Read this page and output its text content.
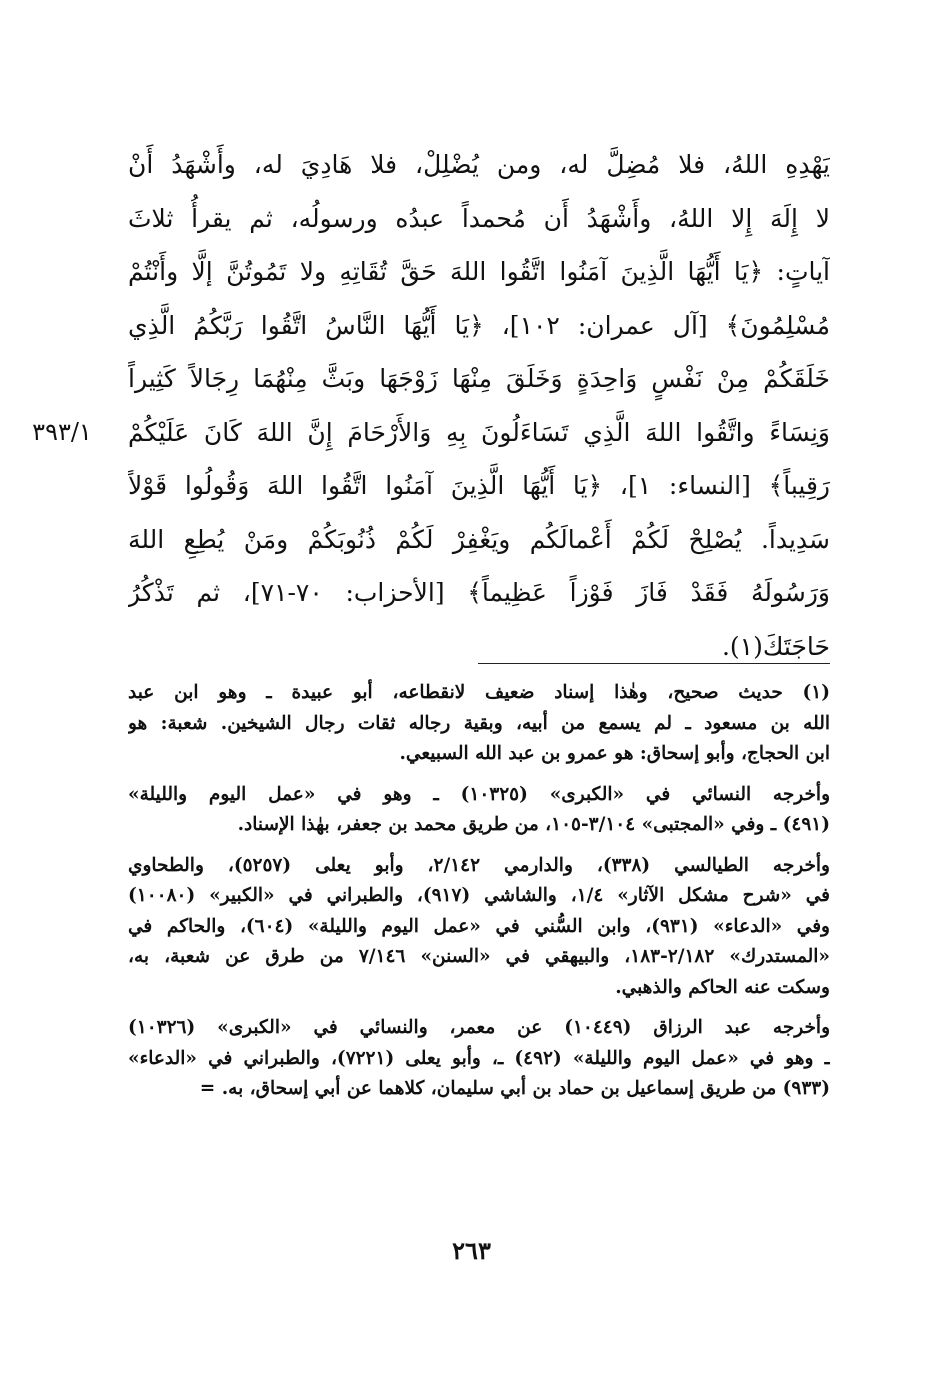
يَهْدِهِ اللهُ، فلا مُضِلَّ له، ومن يُضْلِلْ، فلا هَادِيَ له، وأَشْهَدُ أَنْ
لا إِلَهَ إِلا اللهُ، وأَشْهَدُ أَن مُحمداً عبدُه ورسولُه، ثم يقرأُ ثلاثَ
آياتٍ: ﴿يَا أَيُّهَا الَّذِينَ آمَنُوا اتَّقُوا اللهَ حَقَّ تُقَاتِهِ ولا تَمُوتُنَّ إلَّا وأَنْتُمْ
مُسْلِمُونَ﴾ [آل عمران: ١٠٢]، ﴿يَا أَيُّهَا النَّاسُ اتَّقُوا رَبَّكُمُ الَّذِي
خَلَقَكُمْ مِنْ نَفْسٍ وَاحِدَةٍ وَخَلَقَ مِنْهَا زَوْجَهَا وبَثَّ مِنْهُمَا رِجَالاً كَثِيراً
وَنِسَاءً واتَّقُوا اللهَ الَّذِي تَسَاءَلُونَ بِهِ وَالأَرْحَامَ إِنَّ اللهَ كَانَ عَلَيْكُمْ
رَقِيباً﴾ [النساء: ١]، ﴿يَا أَيُّهَا الَّذِينَ آمَنُوا اتَّقُوا اللهَ وَقُولُوا قَوْلاً
سَدِيداً. يُصْلِحْ لَكُمْ أَعْمالَكُم ويَغْفِرْ لَكُمْ ذُنُوبَكُمْ ومَنْ يُطِعِ اللهَ
وَرَسُولَهُ فَقَدْ فَازَ فَوْزاً عَظِيماً﴾ [الأحزاب: ٧٠-٧١]، ثم تَذْكُرُ
حَاجَتَكَ(١).
٣٩٣/١
(١) حديث صحيح، وهٰذا إسناد ضعيف لانقطاعه، أبو عبيدة ـ وهو ابن عبد
الله بن مسعود ـ لم يسمع من أبيه، وبقية رجاله ثقات رجال الشيخين. شعبة: هو
ابن الحجاج، وأبو إسحاق: هو عمرو بن عبد الله السبيعي.
وأخرجه النسائي في «الكبرى» (١٠٣٢٥) ـ وهو في «عمل اليوم والليلة»
(٤٩١) ـ وفي «المجتبى» ٣/١٠٤-١٠٥، من طريق محمد بن جعفر، بهٰذا الإسناد.
وأخرجه الطيالسي (٣٣٨)، والدارمي ٢/١٤٢، وأبو يعلى (٥٢٥٧)، والطحاوي
في «شرح مشكل الآثار» ١/٤، والشاشي (٩١٧)، والطبراني في «الكبير» (١٠٠٨٠)
وفي «الدعاء» (٩٣١)، وابن السُّني في «عمل اليوم والليلة» (٦٠٤)، والحاكم في
«المستدرك» ٢/١٨٢-١٨٣، والبيهقي في «السنن» ٧/١٤٦ من طرق عن شعبة، به،
وسكت عنه الحاكم والذهبي.
وأخرجه عبد الرزاق (١٠٤٤٩) عن معمر، والنسائي في «الكبرى» (١٠٣٢٦)
ـ وهو في «عمل اليوم والليلة» (٤٩٢) ـ، وأبو يعلى (٧٢٢١)، والطبراني في «الدعاء»
(٩٣٣) من طريق إسماعيل بن حماد بن أبي سليمان، كلاهما عن أبي إسحاق، به. =
٢٦٣
